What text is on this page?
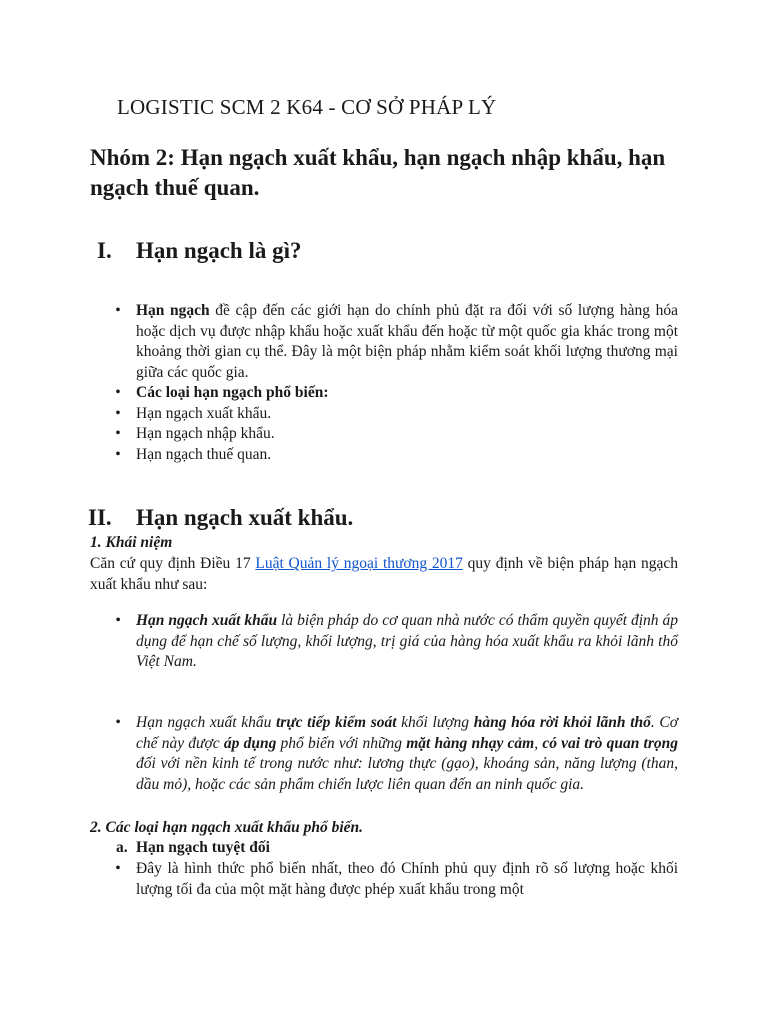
LOGISTIC SCM 2 K64 - CƠ SỞ PHÁP LÝ
Nhóm 2: Hạn ngạch xuất khẩu, hạn ngạch nhập khẩu, hạn ngạch thuế quan.
I.	Hạn ngạch là gì?
• Hạn ngạch đề cập đến các giới hạn do chính phủ đặt ra đối với số lượng hàng hóa hoặc dịch vụ được nhập khẩu hoặc xuất khẩu đến hoặc từ một quốc gia khác trong một khoảng thời gian cụ thể. Đây là một biện pháp nhằm kiểm soát khối lượng thương mại giữa các quốc gia.
• Các loại hạn ngạch phổ biến:
• Hạn ngạch xuất khẩu.
• Hạn ngạch nhập khẩu.
• Hạn ngạch thuế quan.
II.	Hạn ngạch xuất khẩu.

1. Khái niệm

Căn cứ quy định Điều 17 Luật Quản lý ngoại thương 2017 quy định về biện pháp hạn ngạch xuất khẩu như sau:

• Hạn ngạch xuất khẩu là biện pháp do cơ quan nhà nước có thẩm quyền quyết định áp dụng để hạn chế số lượng, khối lượng, trị giá của hàng hóa xuất khẩu ra khỏi lãnh thổ Việt Nam.
• Hạn ngạch xuất khẩu trực tiếp kiểm soát khối lượng hàng hóa rời khỏi lãnh thổ. Cơ chế này được áp dụng phổ biến với những mặt hàng nhạy cảm, có vai trò quan trọng đối với nền kinh tế trong nước như: lương thực (gạo), khoáng sản, năng lượng (than, dầu mỏ), hoặc các sản phẩm chiến lược liên quan đến an ninh quốc gia.

2. Các loại hạn ngạch xuất khẩu phổ biến.

a. Hạn ngạch tuyệt đối

• Đây là hình thức phổ biến nhất, theo đó Chính phủ quy định rõ số lượng hoặc khối lượng tối đa của một mặt hàng được phép xuất khẩu trong một
